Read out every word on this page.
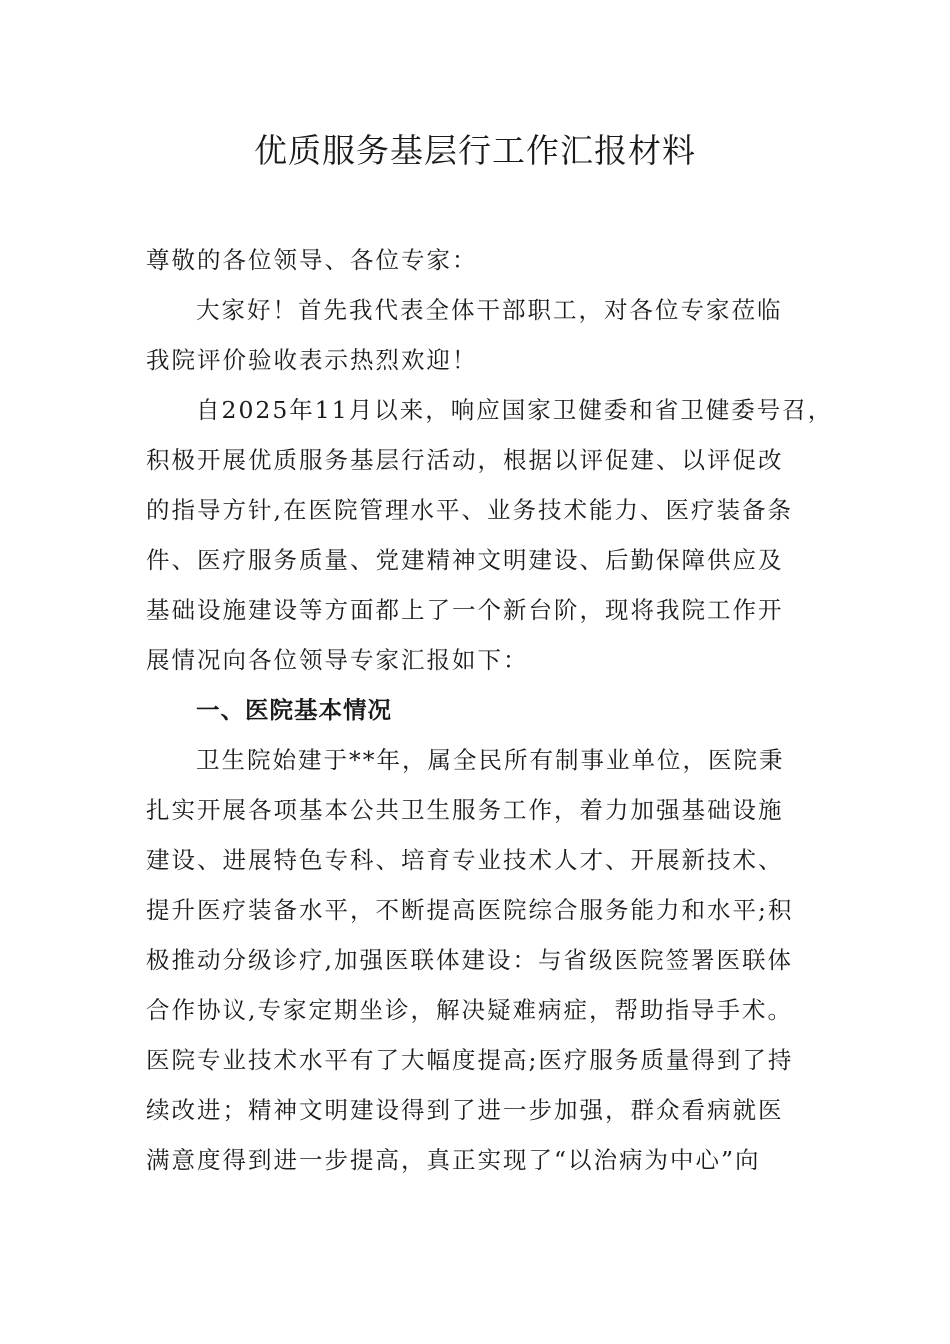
优质服务基层行工作汇报材料
尊敬的各位领导、各位专家：
大家好！首先我代表全体干部职工，对各位专家莅临
我院评价验收表示热烈欢迎！
自2025年11月以来，响应国家卫健委和省卫健委号召，
积极开展优质服务基层行活动，根据以评促建、以评促改
的指导方针,在医院管理水平、业务技术能力、医疗装备条
件、医疗服务质量、党建精神文明建设、后勤保障供应及
基础设施建设等方面都上了一个新台阶，现将我院工作开
展情况向各位领导专家汇报如下：
一、医院基本情况
卫生院始建于**年，属全民所有制事业单位，医院秉
扎实开展各项基本公共卫生服务工作，着力加强基础设施
建设、进展特色专科、培育专业技术人才、开展新技术、
提升医疗装备水平，不断提高医院综合服务能力和水平;积
极推动分级诊疗,加强医联体建设：与省级医院签署医联体
合作协议,专家定期坐诊，解决疑难病症，帮助指导手术。
医院专业技术水平有了大幅度提高;医疗服务质量得到了持
续改进；精神文明建设得到了进一步加强，群众看病就医
满意度得到进一步提高，真正实现了“以治病为中心”向
